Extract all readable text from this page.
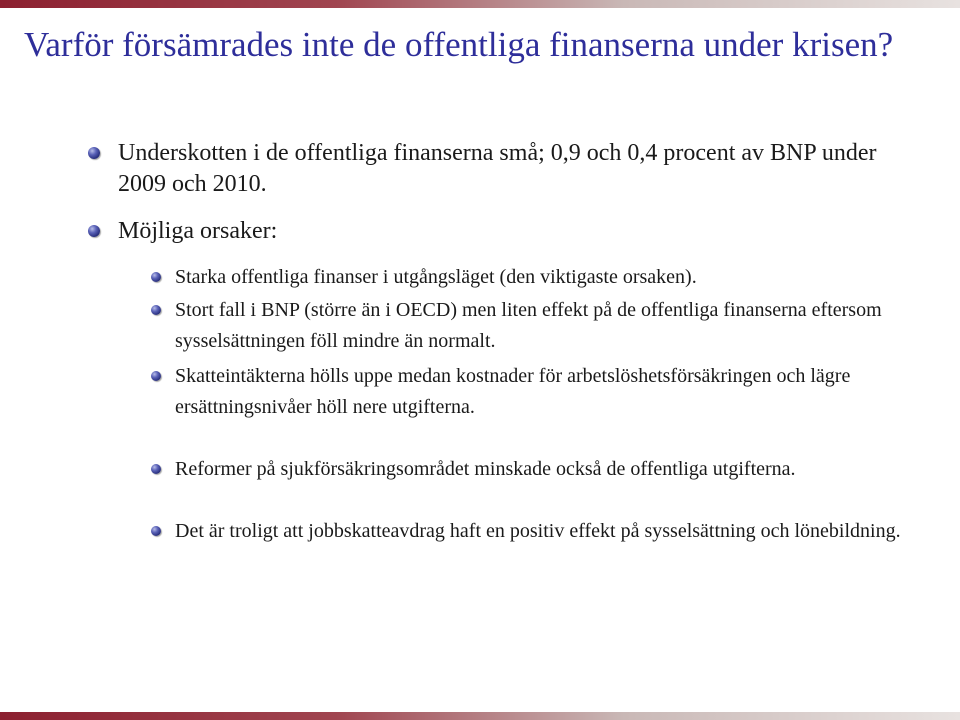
Varför försämrades inte de offentliga finanserna under krisen?
Underskotten i de offentliga finanserna små; 0,9 och 0,4 procent av BNP under 2009 och 2010.
Möjliga orsaker:
Starka offentliga finanser i utgångsläget (den viktigaste orsaken).
Stort fall i BNP (större än i OECD) men liten effekt på de offentliga finanserna eftersom sysselsättningen föll mindre än normalt.
Skatteintäkterna hölls uppe medan kostnader för arbetslöshetsförsäkringen och lägre ersättningsnivåer höll nere utgifterna.
Reformer på sjukförsäkringsområdet minskade också de offentliga utgifterna.
Det är troligt att jobbskatteavdrag haft en positiv effekt på sysselsättning och lönebildning.
